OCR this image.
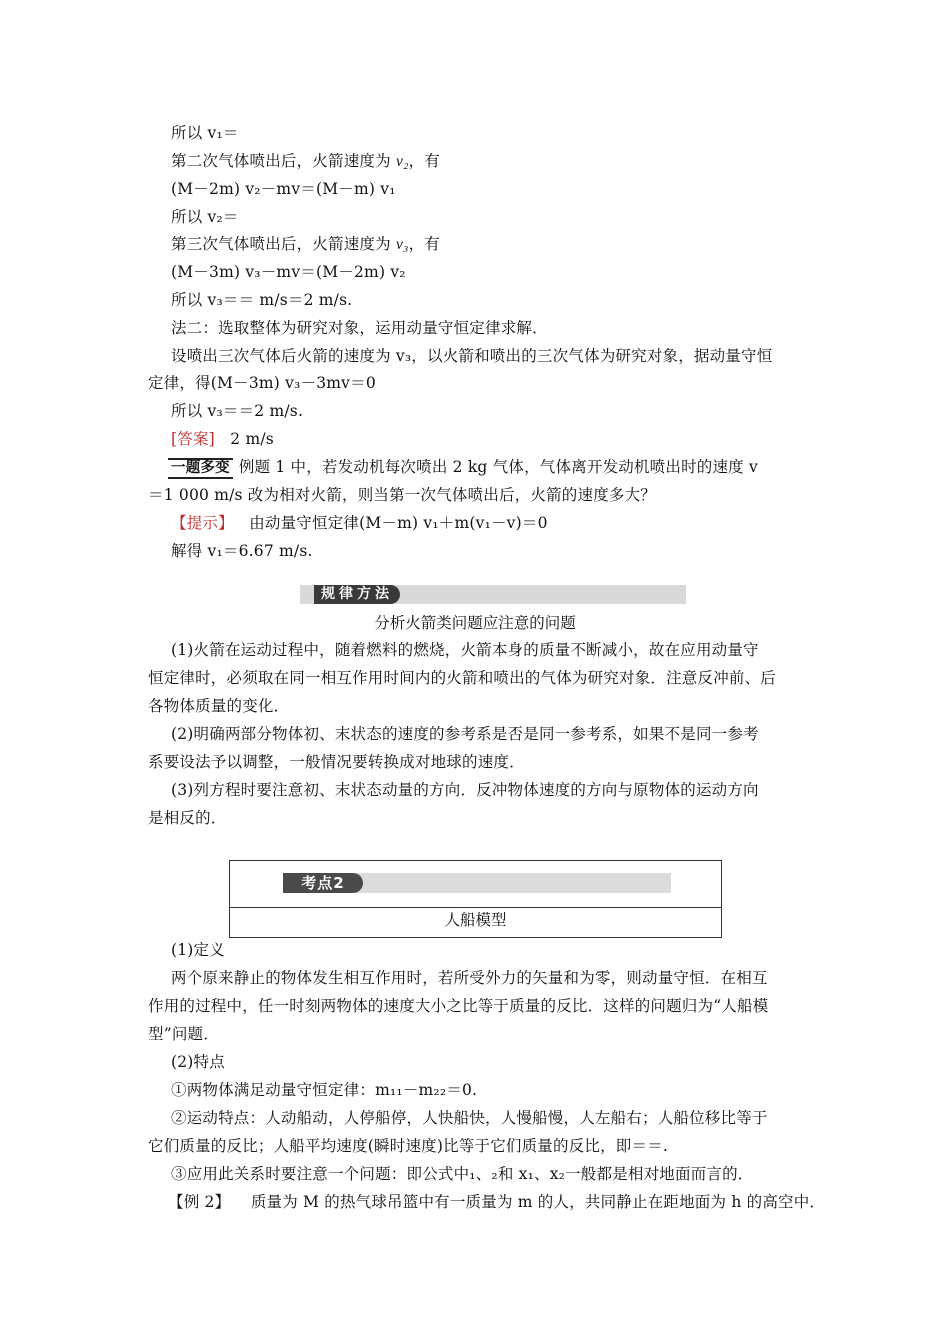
所以 v₁＝
第二次气体喷出后，火箭速度为 v₂，有
(M－2m) v₂－mv＝(M－m) v₁
所以 v₂＝
第三次气体喷出后，火箭速度为 v₃，有
(M－3m) v₃－mv＝(M－2m) v₂
所以 v₃＝＝ m/s＝2 m/s.
法二：选取整体为研究对象，运用动量守恒定律求解．
设喷出三次气体后火箭的速度为 v₃，以火箭和喷出的三次气体为研究对象，据动量守恒
定律，得(M－3m) v₃－3mv＝0
所以 v₃＝＝2 m/s.
[答案] 2 m/s
一题多变 例题 1 中，若发动机每次喷出 2 kg 气体，气体离开发动机喷出时的速度 v
＝1 000 m/s 改为相对火箭，则当第一次气体喷出后，火箭的速度多大？
【提示】 由动量守恒定律(M－m) v₁＋m(v₁－v)＝0
解得 v₁＝6.67 m/s.
规律方法
分析火箭类问题应注意的问题
(1)火箭在运动过程中，随着燃料的燃烧，火箭本身的质量不断减小，故在应用动量守
恒定律时，必须取在同一相互作用时间内的火箭和喷出的气体为研究对象．注意反冲前、后
各物体质量的变化．
(2)明确两部分物体初、末状态的速度的参考系是否是同一参考系，如果不是同一参考
系要设法予以调整，一般情况要转换成对地球的速度．
(3)列方程时要注意初、末状态动量的方向．反冲物体速度的方向与原物体的运动方向
是相反的．
考点2
人船模型
(1)定义
两个原来静止的物体发生相互作用时，若所受外力的矢量和为零，则动量守恒．在相互
作用的过程中，任一时刻两物体的速度大小之比等于质量的反比．这样的问题归为“人船模
型”问题．
(2)特点
①两物体满足动量守恒定律：m₁₁－m₂₂＝0.
②运动特点：人动船动，人停船停，人快船快，人慢船慢，人左船右；人船位移比等于
它们质量的反比；人船平均速度(瞬时速度)比等于它们质量的反比，即＝＝.
③应用此关系时要注意一个问题：即公式中₁、₂和 x₁、x₂一般都是相对地面而言的．
【例 2】 质量为 M 的热气球吊篮中有一质量为 m 的人，共同静止在距地面为 h 的高空中．
